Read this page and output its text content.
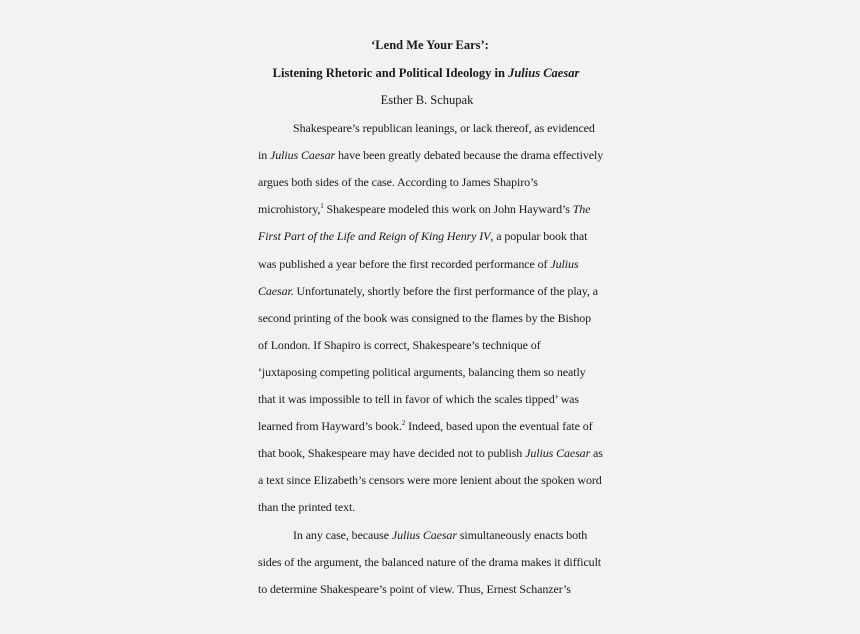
‘Lend Me Your Ears’:
Listening Rhetoric and Political Ideology in Julius Caesar
Esther B. Schupak
Shakespeare’s republican leanings, or lack thereof, as evidenced
in Julius Caesar have been greatly debated because the drama effectively
argues both sides of the case. According to James Shapiro’s
microhistory,$^1$ Shakespeare modeled this work on John Hayward’s The
First Part of the Life and Reign of King Henry IV, a popular book that
was published a year before the first recorded performance of Julius
Caesar. Unfortunately, shortly before the first performance of the play, a
second printing of the book was consigned to the flames by the Bishop
of London. If Shapiro is correct, Shakespeare’s technique of
‘juxtaposing competing political arguments, balancing them so neatly
that it was impossible to tell in favor of which the scales tipped’ was
learned from Hayward’s book.$^2$ Indeed, based upon the eventual fate of
that book, Shakespeare may have decided not to publish Julius Caesar as
a text since Elizabeth’s censors were more lenient about the spoken word
than the printed text.
In any case, because Julius Caesar simultaneously enacts both
sides of the argument, the balanced nature of the drama makes it difficult
to determine Shakespeare’s point of view. Thus, Ernest Schanzer’s
